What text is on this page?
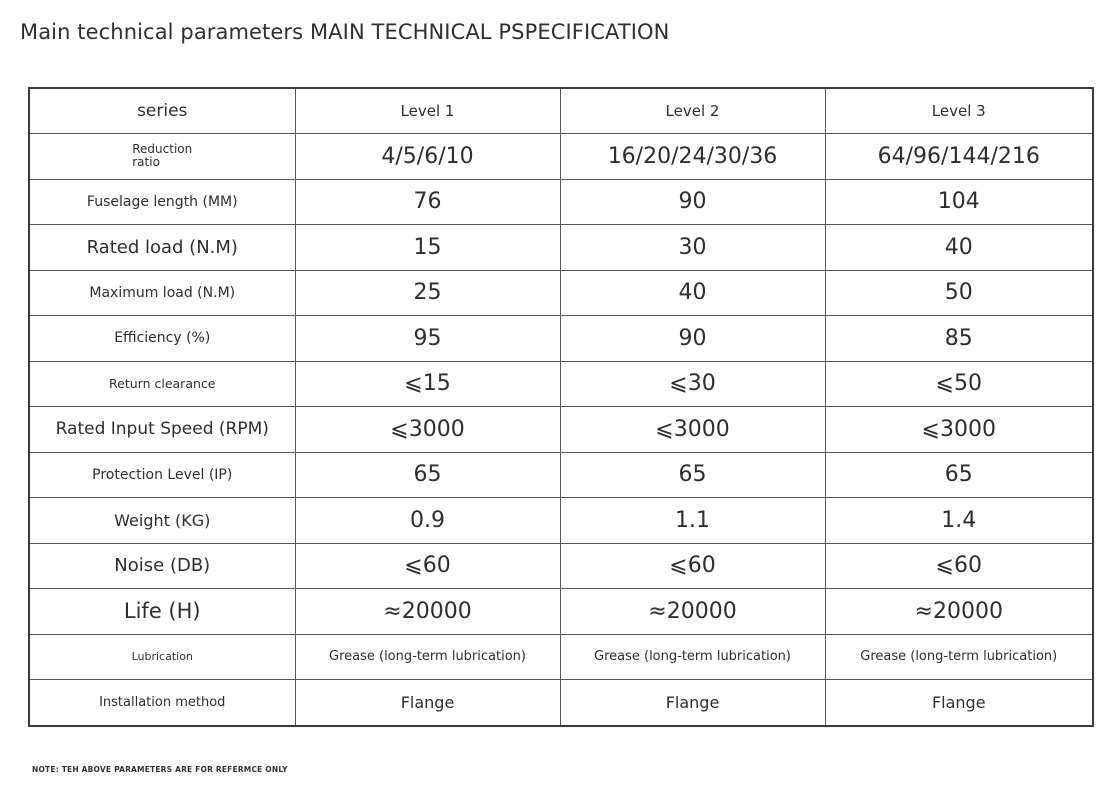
Main technical parameters MAIN TECHNICAL PSPECIFICATION
series	Level 1	Level 2	Level 3
Reduction
ratio	4/5/6/10	16/20/24/30/36	64/96/144/216
Fuselage length (MM)	76	90	104
Rated load (N.M)	15	30	40
Maximum load (N.M)	25	40	50
Efficiency (%)	95	90	85
Return clearance	⩽15	⩽30	⩽50
Rated Input Speed (RPM)	⩽3000	⩽3000	⩽3000
Protection Level (IP)	65	65	65
Weight (KG)	0.9	1.1	1.4
Noise (DB)	⩽60	⩽60	⩽60
Life (H)	≈20000	≈20000	≈20000
Lubrication	Grease (long-term lubrication)	Grease (long-term lubrication)	Grease (long-term lubrication)
Installation method	Flange	Flange	Flange
NOTE: TEH ABOVE PARAMETERS ARE FOR REFERMCE ONLY
